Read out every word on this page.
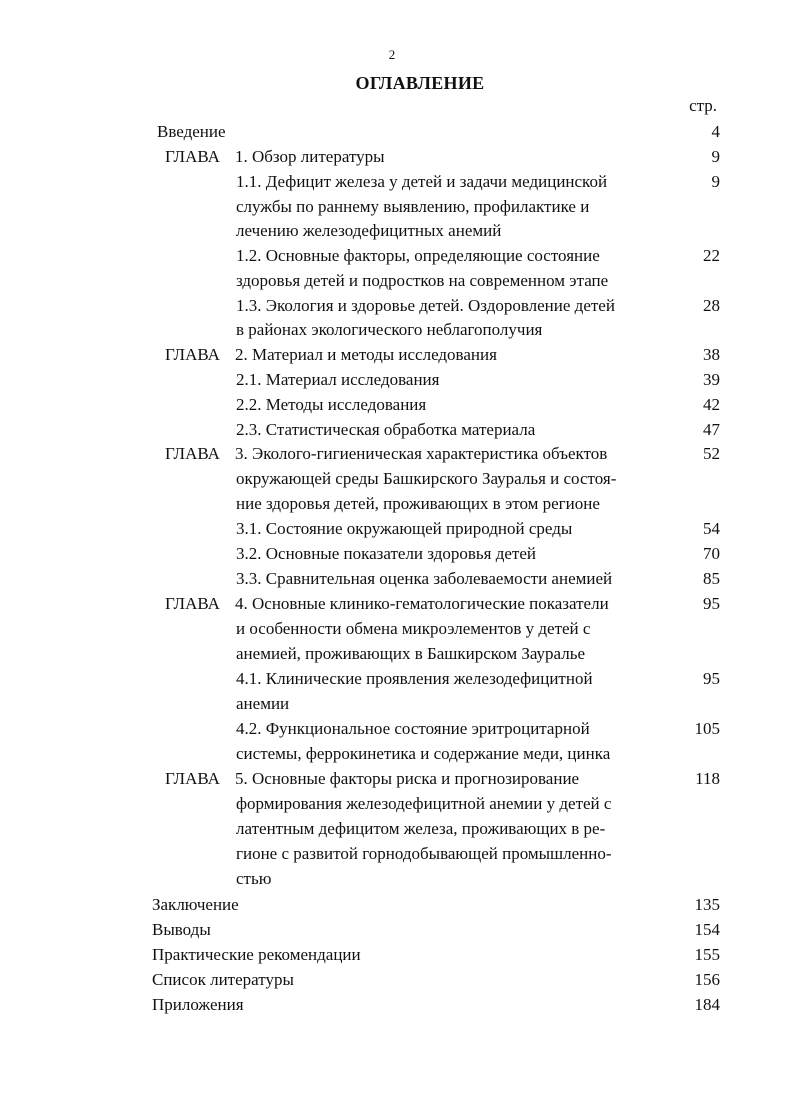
2
ОГЛАВЛЕНИЕ
стр.
Введение	4
ГЛАВА 1. Обзор литературы	9
1.1. Дефицит железа у детей и задачи медицинской	9
службы по раннему выявлению, профилактике и
лечению железодефицитных анемий
1.2. Основные факторы, определяющие состояние	22
здоровья детей и подростков на современном этапе
1.3. Экология и здоровье детей. Оздоровление детей	28
в районах экологического неблагополучия
ГЛАВА 2. Материал и методы исследования	38
2.1. Материал исследования	39
2.2. Методы исследования	42
2.3. Статистическая обработка материала	47
ГЛАВА 3. Эколого-гигиеническая характеристика объектов	52
окружающей среды Башкирского Зауралья и состоя-
ние здоровья детей, проживающих в этом регионе
3.1. Состояние окружающей природной среды	54
3.2. Основные показатели здоровья детей	70
3.3. Сравнительная оценка заболеваемости анемией	85
ГЛАВА 4. Основные клинико-гематологические показатели	95
и особенности обмена микроэлементов у детей с
анемией, проживающих в Башкирском Зауралье
4.1. Клинические проявления железодефицитной	95
анемии
4.2. Функциональное состояние эритроцитарной	105
системы, феррокинетика и содержание меди, цинка
ГЛАВА 5. Основные факторы риска и прогнозирование	118
формирования железодефицитной анемии у детей с
латентным дефицитом железа, проживающих в ре-
гионе с развитой горнодобывающей промышленно-
стью
Заключение	135
Выводы	154
Практические рекомендации	155
Список литературы	156
Приложения	184
